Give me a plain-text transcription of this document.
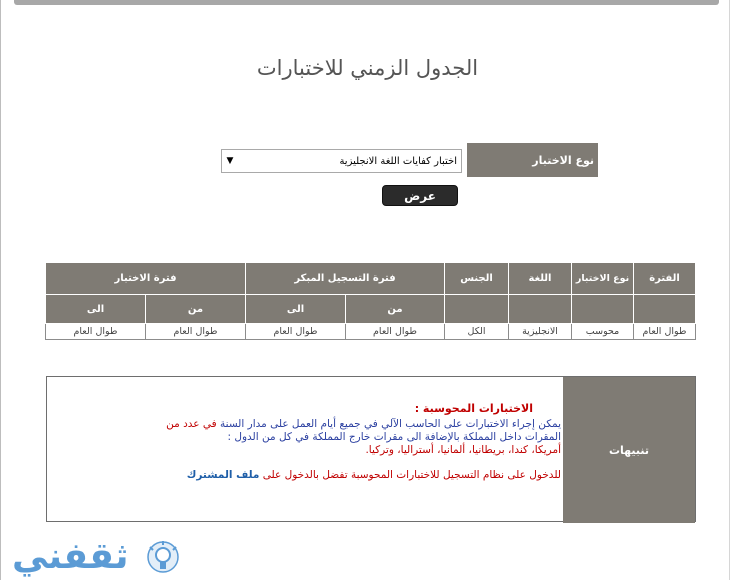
الجدول الزمني للاختبارات
نوع الاختبار
اختبار كفايات اللغة الانجليزية
▼
عرض
الفترة	نوع الاختبار	اللغة	الجنس	فترة التسجيل المبكر		فترة الاختبار	
				من	الى	من	الى
طوال العام	محوسب	الانجليزية	الكل	طوال العام	طوال العام	طوال العام	طوال العام
تنبيهات
الاختبارات المحوسبة :
يمكن إجراء الاختبارات على الحاسب الآلي في جميع أيام العمل على مدار السنة في عدد من
المقرات داخل المملكة بالإضافة الى مقرات خارج المملكة في كل من الدول :
أمريكا، كندا، بريطانيا، ألمانيا، أستراليا، وتركيا.
للدخول على نظام التسجيل للاختبارات المحوسبة تفضل بالدخول على ملف المشترك
ثقفني
